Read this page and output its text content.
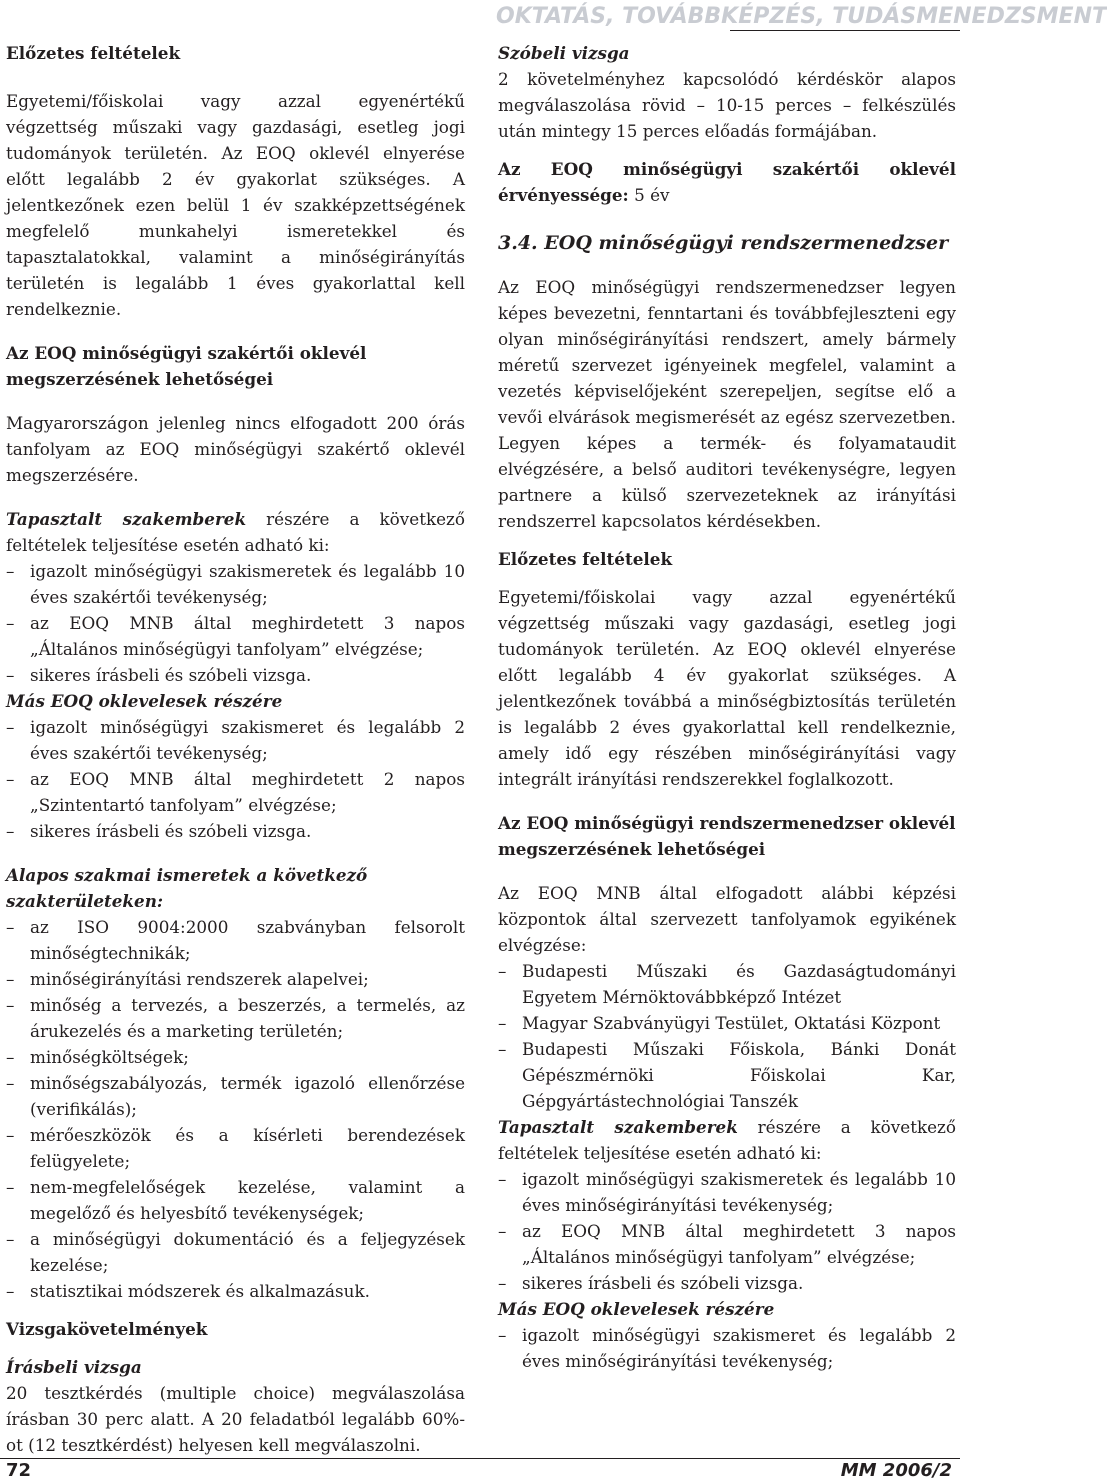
OKTATÁS, TOVÁBBKÉPZÉS, TUDÁSMENEDZSMENT
Előzetes feltételek

Egyetemi/főiskolai vagy azzal egyenértékű végzettség műszaki vagy gazdasági, esetleg jogi tudományok területén. Az EOQ oklevél elnyerése előtt legalább 2 év gyakorlat szükséges. A jelentkezőnek ezen belül 1 év szakképzettségének megfelelő munkahelyi ismeretekkel és tapasztalatokkal, valamint a minőségirányítás területén is legalább 1 éves gyakorlattal kell rendelkeznie.

Az EOQ minőségügyi szakértői oklevél megszerzésének lehetőségei

Magyarországon jelenleg nincs elfogadott 200 órás tanfolyam az EOQ minőségügyi szakértő oklevél megszerzésére.

Tapasztalt szakemberek részére a következő feltételek teljesítése esetén adható ki:

– igazolt minőségügyi szakismeretek és legalább 10 éves szakértői tevékenység;
– az EOQ MNB által meghirdetett 3 napos „Általános minőségügyi tanfolyam” elvégzése;
– sikeres írásbeli és szóbeli vizsga.
Más EOQ oklevelesek részére
– igazolt minőségügyi szakismeret és legalább 2 éves szakértői tevékenység;
– az EOQ MNB által meghirdetett 2 napos „Szintentartó tanfolyam” elvégzése;
– sikeres írásbeli és szóbeli vizsga.
Alapos szakmai ismeretek a következő szakterületeken:
– az ISO 9004:2000 szabványban felsorolt minőségtechnikák;
– minőségirányítási rendszerek alapelvei;
– minőség a tervezés, a beszerzés, a termelés, az árukezelés és a marketing területén;
– minőségköltségek;
– minőségszabályozás, termék igazoló ellenőrzése (verifikálás);
– mérőeszközök és a kísérleti berendezések felügyelete;
– nem-megfelelőségek kezelése, valamint a megelőző és helyesbítő tevékenységek;
– a minőségügyi dokumentáció és a feljegyzések kezelése;
– statisztikai módszerek és alkalmazásuk.
Vizsgakövetelmények
Írásbeli vizsga

20 tesztkérdés (multiple choice) megválaszolása írásban 30 perc alatt. A 20 feladatból legalább 60%-ot (12 tesztkérdést) helyesen kell megválaszolni.

Szóbeli vizsga

2 követelményhez kapcsolódó kérdéskör alapos megválaszolása rövid – 10-15 perces – felkészülés után mintegy 15 perces előadás formájában.

Az EOQ minőségügyi szakértői oklevél érvényessége: 5 év

3.4. EOQ minőségügyi rendszermenedzser

Az EOQ minőségügyi rendszermenedzser legyen képes bevezetni, fenntartani és továbbfejleszteni egy olyan minőségirányítási rendszert, amely bármely méretű szervezet igényeinek megfelel, valamint a vezetés képviselőjeként szerepeljen, segítse elő a vevői elvárások megismerését az egész szervezetben. Legyen képes a termék- és folyamataudit elvégzésére, a belső auditori tevékenységre, legyen partnere a külső szervezeteknek az irányítási rendszerrel kapcsolatos kérdésekben.

Előzetes feltételek

Egyetemi/főiskolai vagy azzal egyenértékű végzettség műszaki vagy gazdasági, esetleg jogi tudományok területén. Az EOQ oklevél elnyerése előtt legalább 4 év gyakorlat szükséges. A jelentkezőnek továbbá a minőségbiztosítás területén is legalább 2 éves gyakorlattal kell rendelkeznie, amely idő egy részében minőségirányítási vagy integrált irányítási rendszerekkel foglalkozott.

Az EOQ minőségügyi rendszermenedzser oklevél megszerzésének lehetőségei

Az EOQ MNB által elfogadott alábbi képzési központok által szervezett tanfolyamok egyikének elvégzése:

– Budapesti Műszaki és Gazdaságtudományi Egyetem Mérnöktovábbképző Intézet
– Magyar Szabványügyi Testület, Oktatási Központ
– Budapesti Műszaki Főiskola, Bánki Donát Gépészmérnöki Főiskolai Kar, Gépgyártástechnológiai Tanszék

Tapasztalt szakemberek részére a következő feltételek teljesítése esetén adható ki:

– igazolt minőségügyi szakismeretek és legalább 10 éves minőségirányítási tevékenység;
– az EOQ MNB által meghirdetett 3 napos „Általános minőségügyi tanfolyam” elvégzése;
– sikeres írásbeli és szóbeli vizsga.
Más EOQ oklevelesek részére
– igazolt minőségügyi szakismeret és legalább 2 éves minőségirányítási tevékenység;
72	MM 2006/2
